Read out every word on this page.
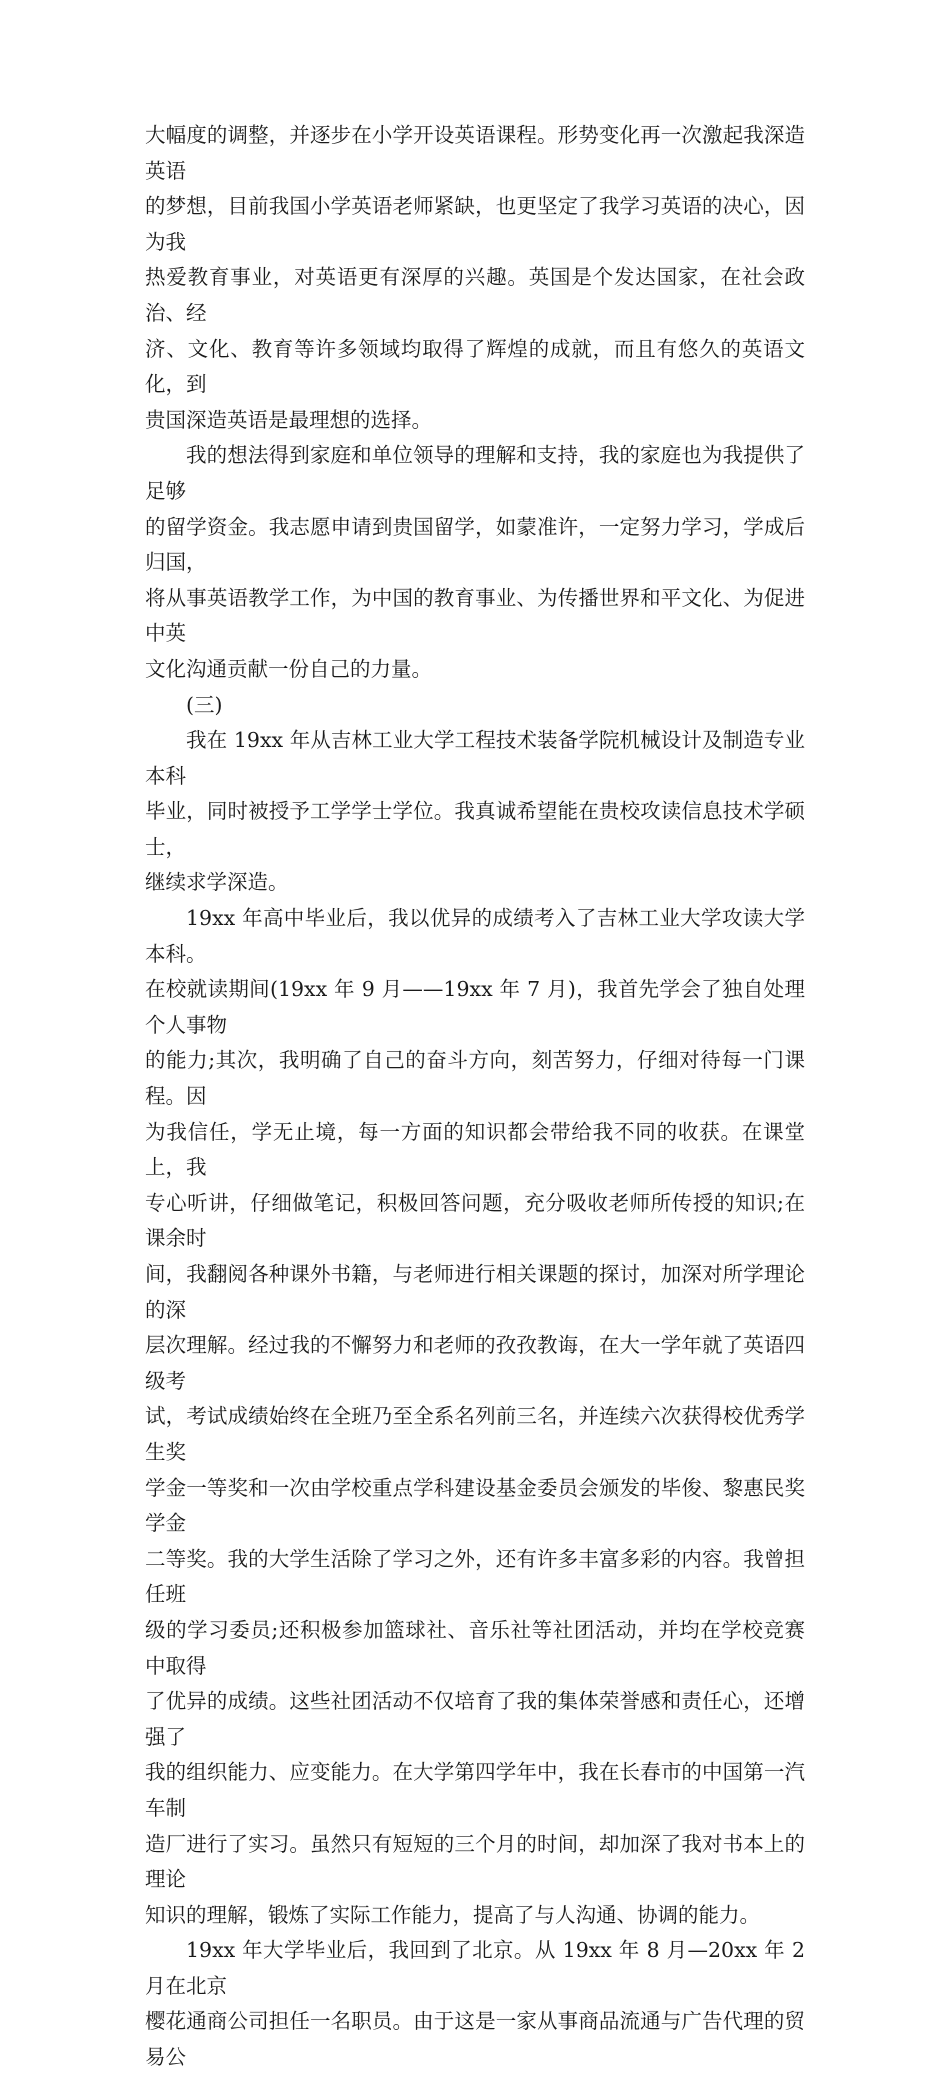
大幅度的调整，并逐步在小学开设英语课程。形势变化再一次激起我深造英语
的梦想，目前我国小学英语老师紧缺，也更坚定了我学习英语的决心，因为我
热爱教育事业，对英语更有深厚的兴趣。英国是个发达国家，在社会政治、经
济、文化、教育等许多领域均取得了辉煌的成就，而且有悠久的英语文化，到
贵国深造英语是最理想的选择。

我的想法得到家庭和单位领导的理解和支持，我的家庭也为我提供了足够
的留学资金。我志愿申请到贵国留学，如蒙准许，一定努力学习，学成后归国，
将从事英语教学工作，为中国的教育事业、为传播世界和平文化、为促进中英
文化沟通贡献一份自己的力量。

(三)

我在 19xx 年从吉林工业大学工程技术装备学院机械设计及制造专业本科
毕业，同时被授予工学学士学位。我真诚希望能在贵校攻读信息技术学硕士，
继续求学深造。

19xx 年高中毕业后，我以优异的成绩考入了吉林工业大学攻读大学本科。
在校就读期间(19xx 年 9 月——19xx 年 7 月)，我首先学会了独自处理个人事物
的能力;其次，我明确了自己的奋斗方向，刻苦努力，仔细对待每一门课程。因
为我信任，学无止境，每一方面的知识都会带给我不同的收获。在课堂上，我
专心听讲，仔细做笔记，积极回答问题，充分吸收老师所传授的知识;在课余时
间，我翻阅各种课外书籍，与老师进行相关课题的探讨，加深对所学理论的深
层次理解。经过我的不懈努力和老师的孜孜教诲，在大一学年就了英语四级考
试，考试成绩始终在全班乃至全系名列前三名，并连续六次获得校优秀学生奖
学金一等奖和一次由学校重点学科建设基金委员会颁发的毕俊、黎惠民奖学金
二等奖。我的大学生活除了学习之外，还有许多丰富多彩的内容。我曾担任班
级的学习委员;还积极参加篮球社、音乐社等社团活动，并均在学校竞赛中取得
了优异的成绩。这些社团活动不仅培育了我的集体荣誉感和责任心，还增强了
我的组织能力、应变能力。在大学第四学年中，我在长春市的中国第一汽车制
造厂进行了实习。虽然只有短短的三个月的时间，却加深了我对书本上的理论
知识的理解，锻炼了实际工作能力，提高了与人沟通、协调的能力。

19xx 年大学毕业后，我回到了北京。从 19xx 年 8 月—20xx 年 2 月在北京
樱花通商公司担任一名职员。由于这是一家从事商品流通与广告代理的贸易公
